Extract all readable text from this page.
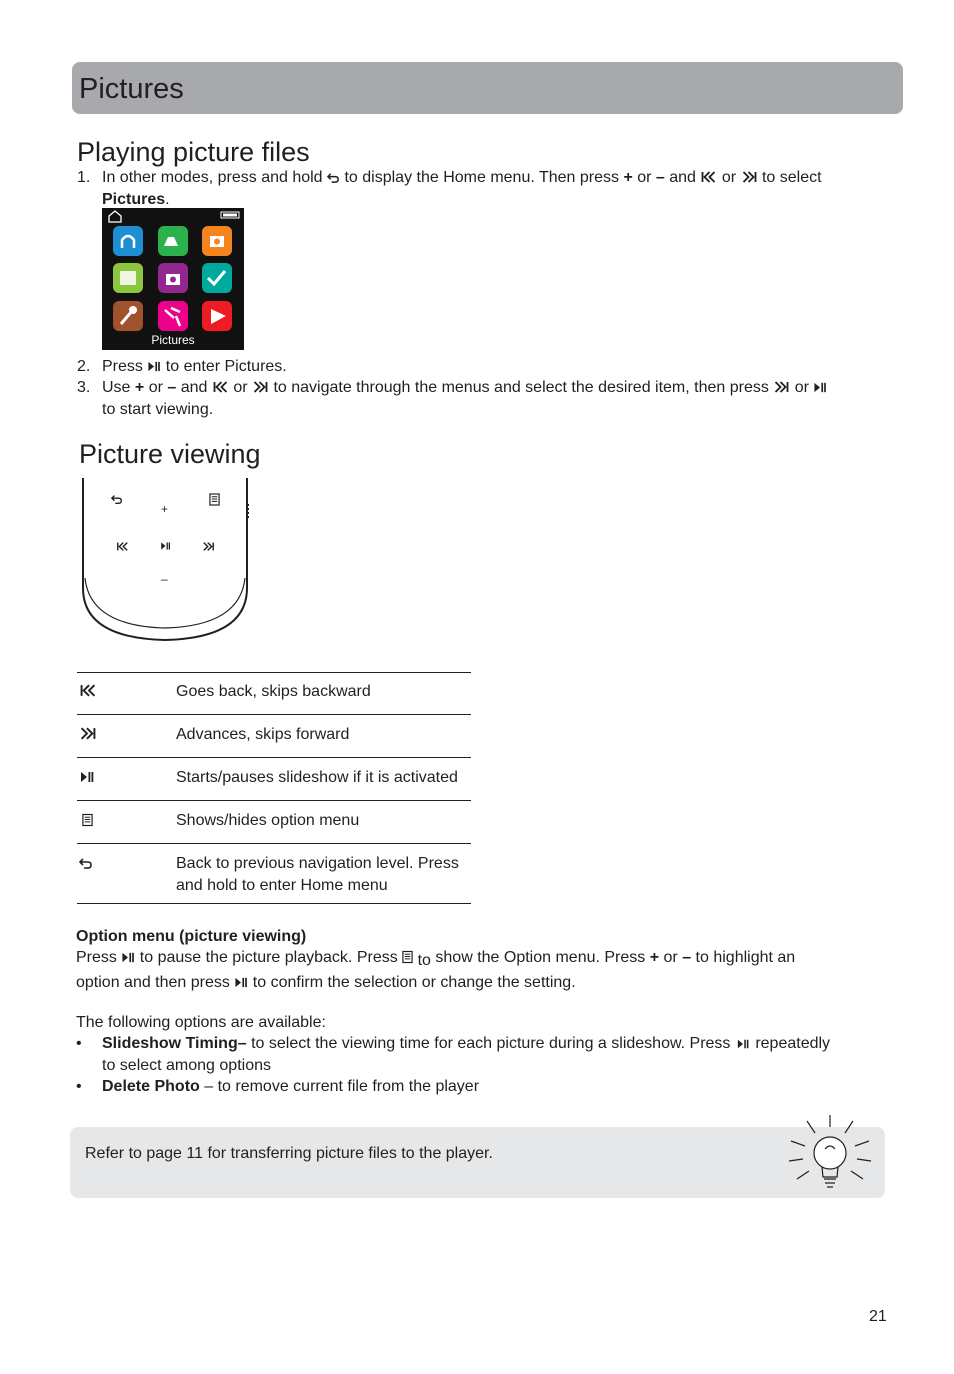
Pictures
Playing picture files
1. In other modes, press and hold  to display the Home menu. Then press + or – and  or  to select
Pictures.
Pictures
2. Press  to enter Pictures.
3. Use + or – and  or  to navigate through the menus and select the desired item, then press  or
to start viewing.
Picture viewing
+
–
	Goes back, skips backward
	Advances, skips forward
	Starts/pauses slideshow if it is activated
	Shows/hides option menu
	Back to previous navigation level. Press and hold to enter Home menu
Option menu (picture viewing)
Press  to pause the picture playback. Press  to show the Option menu. Press + or – to highlight an
option and then press  to confirm the selection or change the setting.
The following options are available:
• Slideshow Timing– to select the viewing time for each picture during a slideshow. Press  repeatedly
to select among options
• Delete Photo – to remove current file from the player
Refer to page 11 for transferring picture files to the player.
21
